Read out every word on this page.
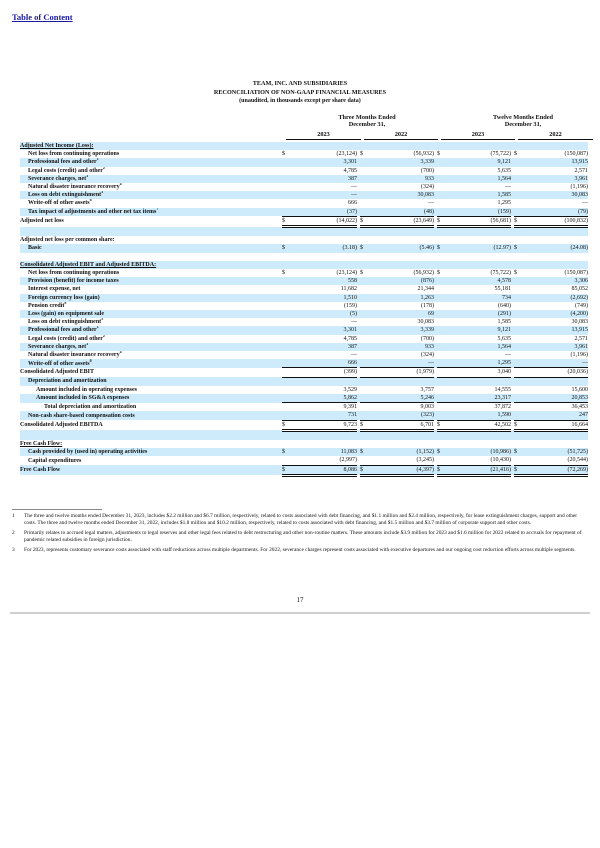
Table of Content
TEAM, INC. AND SUBSIDIARIES
RECONCILIATION OF NON-GAAP FINANCIAL MEASURES
(unaudited, in thousands except per share data)
Three Months Ended
December 31,
Twelve Months Ended
December 31,
2023	2022	2023	2022
Adjusted Net Income (Loss):											
Net loss from continuing operations	$	(23,124)		$	(56,932)		$	(75,722)		$	(150,087)
Professional fees and other$^1$		3,301			3,339			9,121			13,915
Legal costs (credit) and other$^2$		4,785			(700)			5,635			2,571
Severance charges, net$^3$		387			933			1,564			3,961
Natural disaster insurance recovery$^4$		—			(324)			—			(1,196)
Loss on debt extinguishment$^5$		—			30,083			1,585			30,083
Write-off of other assets$^6$		666			—			1,295			—
Tax impact of adjustments and other net tax items$^7$		(37)			(48)			(159)			(79)
Adjusted net loss	$	(14,022)		$	(23,649)		$	(56,681)		$	(100,832)

Adjusted net loss per common share:											
Basic	$	(3.18)		$	(5.46)		$	(12.97)		$	(24.08)

Consolidated Adjusted EBIT and Adjusted EBITDA:											
Net loss from continuing operations	$	(23,124)		$	(56,932)		$	(75,722)		$	(150,087)
Provision (benefit) for income taxes		558			(876)			4,578			3,306
Interest expense, net		11,682			21,344			55,181			85,052
Foreign currency loss (gain)		1,510			1,263			734			(2,692)
Pension credit$^8$		(159)			(178)			(640)			(749)
Loss (gain) on equipment sale		(5)			69			(291)			(4,200)
Loss on debt extinguishment$^5$		—			30,083			1,585			30,083
Professional fees and other$^1$		3,301			3,339			9,121			13,915
Legal costs (credit) and other$^2$		4,785			(700)			5,635			2,571
Severance charges, net$^3$		387			933			1,564			3,961
Natural disaster insurance recovery$^4$		—			(324)			—			(1,196)
Write-off of other assets$^6$		666			—			1,295			—
Consolidated Adjusted EBIT		(399)			(1,979)			3,040			(20,036)
Depreciation and amortization											
Amount included in operating expenses		3,529			3,757			14,555			15,600
Amount included in SG&A expenses		5,862			5,246			23,317			20,853
Total depreciation and amortization		9,391			9,003			37,872			36,453
Non-cash share-based compensation costs		731			(323)			1,590			247
Consolidated Adjusted EBITDA	$	9,723		$	6,701		$	42,502		$	16,664

Free Cash Flow:											
Cash provided by (used in) operating activities	$	11,083		$	(1,152)		$	(10,986)		$	(51,725)
Capital expenditures		(2,997)			(3,245)			(10,430)			(20,544)
Free Cash Flow	$	8,086		$	(4,397)		$	(21,416)		$	(72,269)
1	The three and twelve months ended December 31, 2023, includes $2.2 million and $6.7 million, respectively, related to costs associated with debt financing, and $1.1 million and $2.4 million, respectively, for lease extinguishment charges, support and other costs. The three and twelve months ended December 31, 2022, includes $1.8 million and $10.2 million, respectively, related to costs associated with debt financing, and $1.5 million and $3.7 million of corporate support and other costs.
2	Primarily relates to accrued legal matters, adjustments to legal reserves and other legal fees related to debt restructuring and other non-routine matters. These amounts include $3.9 million for 2023 and $1.6 million for 2022 related to accruals for repayment of pandemic related subsidies in foreign jurisdiction.
3	For 2023, represents customary severance costs associated with staff reductions across multiple departments. For 2022, severance charges represent costs associated with executive departures and our ongoing cost reduction efforts across multiple segments.
17
